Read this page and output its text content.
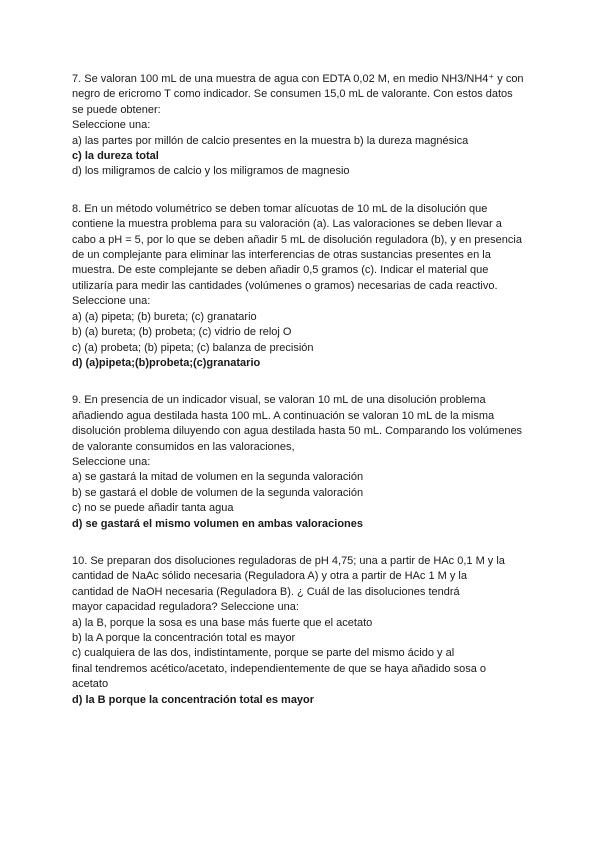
7. Se valoran 100 mL de una muestra de agua con EDTA 0,02 M, en medio NH3/NH4⁺ y con
negro de ericromo T como indicador. Se consumen 15,0 mL de valorante. Con estos datos
se puede obtener:
Seleccione una:
a) las partes por millón de calcio presentes en la muestra b) la dureza magnésica
c) la dureza total
d) los miligramos de calcio y los miligramos de magnesio
8. En un método volumétrico se deben tomar alícuotas de 10 mL de la disolución que
contiene la muestra problema para su valoración (a). Las valoraciones se deben llevar a
cabo a pH = 5, por lo que se deben añadir 5 mL de disolución reguladora (b), y en presencia
de un complejante para eliminar las interferencias de otras sustancias presentes en la
muestra. De este complejante se deben añadir 0,5 gramos (c). Indicar el material que
utilizaría para medir las cantidades (volúmenes o gramos) necesarias de cada reactivo.
Seleccione una:
a) (a) pipeta; (b) bureta; (c) granatario
b) (a) bureta; (b) probeta; (c) vidrio de reloj O
c) (a) probeta; (b) pipeta; (c) balanza de precisión
d) (a)pipeta;(b)probeta;(c)granatario
9. En presencia de un indicador visual, se valoran 10 mL de una disolución problema
añadiendo agua destilada hasta 100 mL. A continuación se valoran 10 mL de la misma
disolución problema diluyendo con agua destilada hasta 50 mL. Comparando los volúmenes
de valorante consumidos en las valoraciones,
Seleccione una:
a) se gastará la mitad de volumen en la segunda valoración
b) se gastará el doble de volumen de la segunda valoración
c) no se puede añadir tanta agua
d) se gastará el mismo volumen en ambas valoraciones
10. Se preparan dos disoluciones reguladoras de pH 4,75; una a partir de HAc 0,1 M y la
cantidad de NaAc sólido necesaria (Reguladora A) y otra a partir de HAc 1 M y la
cantidad de NaOH necesaria (Reguladora B). ¿ Cuál de las disoluciones tendrá
mayor capacidad reguladora? Seleccione una:
a) la B, porque la sosa es una base más fuerte que el acetato
b) la A porque la concentración total es mayor
c) cualquiera de las dos, indistintamente, porque se parte del mismo ácido y al
final tendremos acético/acetato, independientemente de que se haya añadido sosa o
acetato
d) la B porque la concentración total es mayor
